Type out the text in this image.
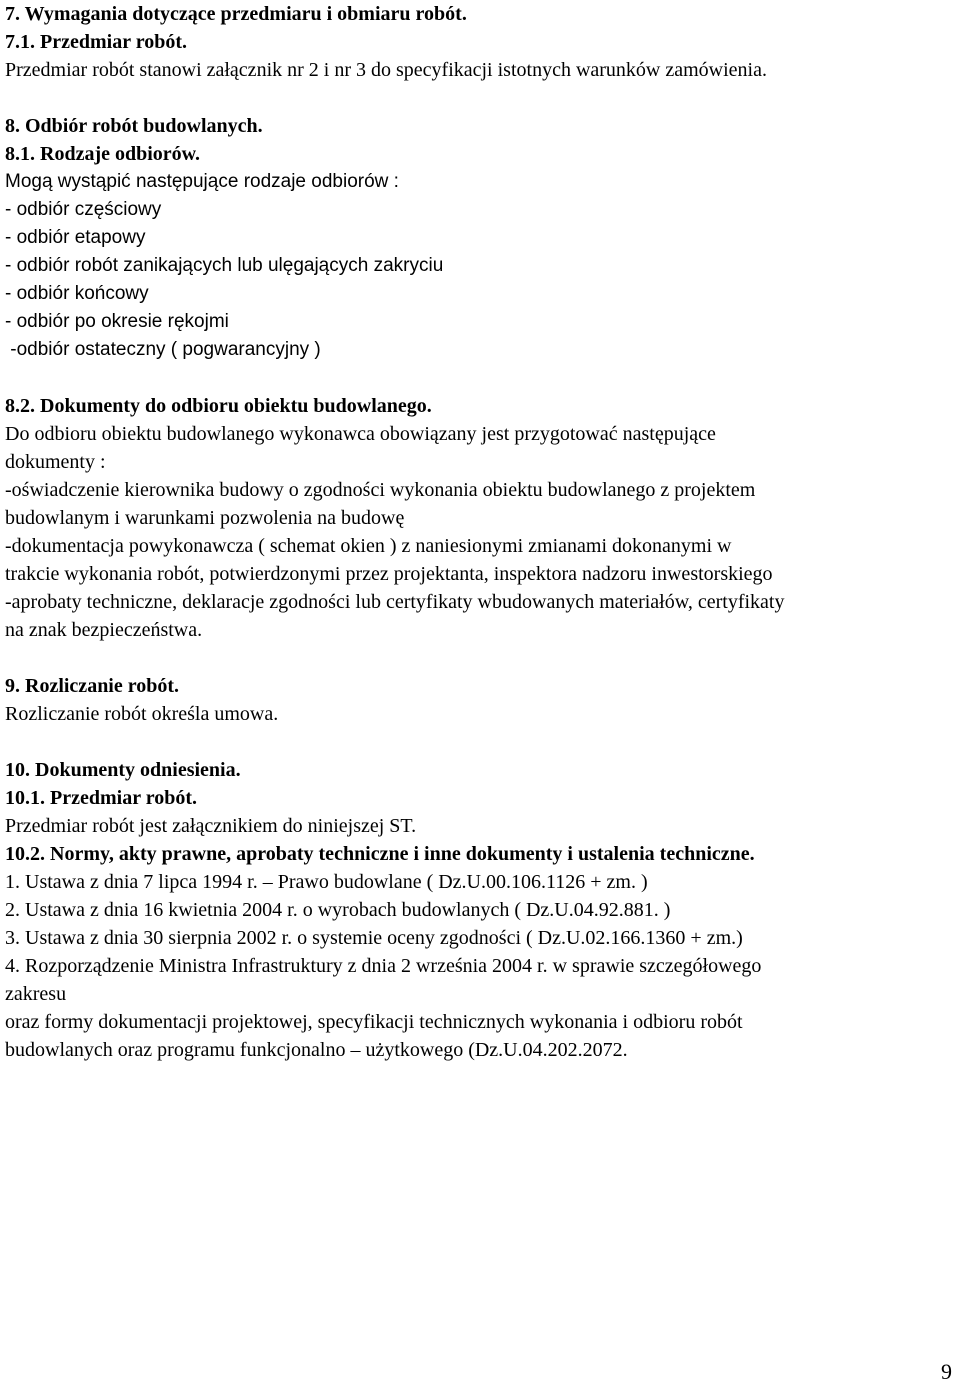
7. Wymagania dotyczące przedmiaru i obmiaru robót.
7.1. Przedmiar robót.
Przedmiar robót stanowi załącznik nr 2 i nr 3 do specyfikacji istotnych warunków zamówienia.
8. Odbiór robót budowlanych.
8.1. Rodzaje odbiorów.
Mogą wystąpić następujące rodzaje odbiorów :
- odbiór częściowy
- odbiór etapowy
- odbiór robót zanikających lub ulęgających zakryciu
- odbiór końcowy
- odbiór po okresie rękojmi
-odbiór ostateczny ( pogwarancyjny )
8.2. Dokumenty do odbioru obiektu budowlanego.
Do odbioru obiektu budowlanego wykonawca obowiązany jest przygotować następujące
dokumenty :
-oświadczenie kierownika budowy o zgodności wykonania obiektu budowlanego z projektem
budowlanym i warunkami pozwolenia na budowę
-dokumentacja powykonawcza ( schemat okien ) z naniesionymi zmianami dokonanymi w
trakcie wykonania robót, potwierdzonymi przez projektanta, inspektora nadzoru inwestorskiego
-aprobaty techniczne, deklaracje zgodności lub certyfikaty wbudowanych materiałów, certyfikaty
na znak bezpieczeństwa.
9. Rozliczanie robót.
Rozliczanie robót określa umowa.
10. Dokumenty odniesienia.
10.1. Przedmiar robót.
Przedmiar robót jest załącznikiem do niniejszej ST.
10.2. Normy, akty prawne, aprobaty techniczne i inne dokumenty i ustalenia techniczne.
1. Ustawa z dnia 7 lipca 1994 r. – Prawo budowlane ( Dz.U.00.106.1126 + zm. )
2. Ustawa z dnia 16 kwietnia 2004 r. o wyrobach budowlanych ( Dz.U.04.92.881. )
3. Ustawa z dnia 30 sierpnia 2002 r. o systemie oceny zgodności ( Dz.U.02.166.1360 + zm.)
4. Rozporządzenie Ministra Infrastruktury z dnia 2 września 2004 r. w sprawie szczegółowego
zakresu
oraz formy dokumentacji projektowej, specyfikacji technicznych wykonania i odbioru robót
budowlanych oraz programu funkcjonalno – użytkowego (Dz.U.04.202.2072.
9
